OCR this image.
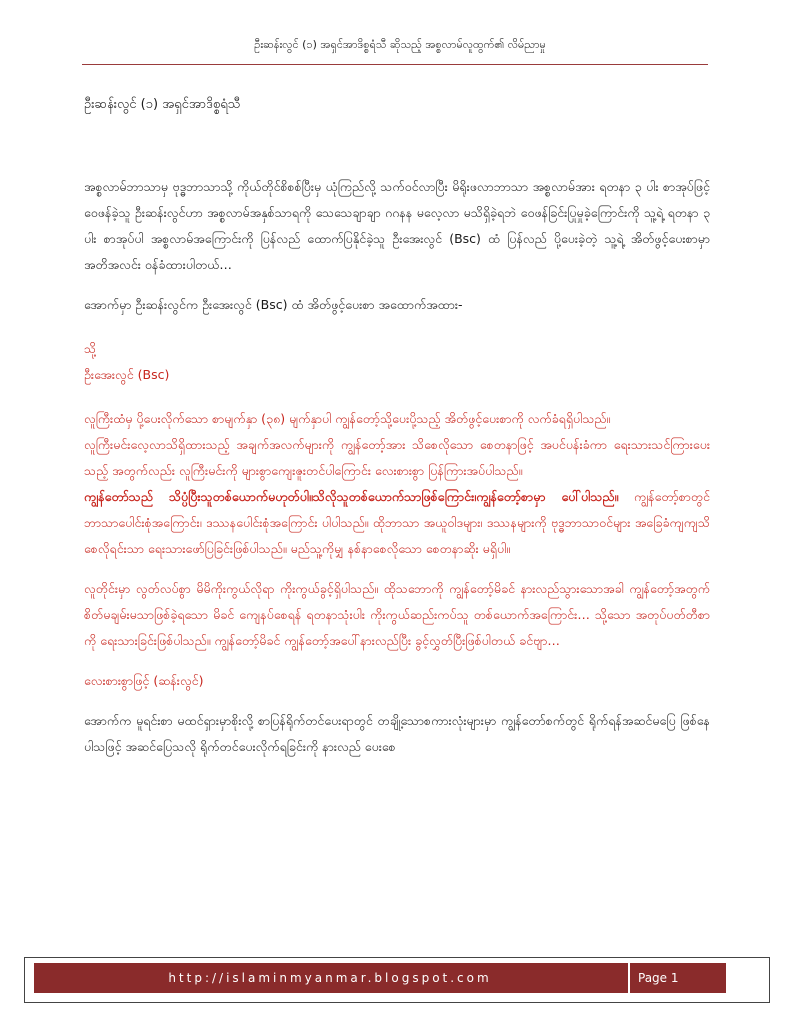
ဦးဆန်းလွင် (၁) အရှင်အာဒိစ္စရံသီ ဆိုသည့် အစ္စလာမ်လူထွက်၏ လိမ်ညာမှု

ဦးဆန်းလွင် (၁) အရှင်အာဒိစ္စရံသီ

အစ္စလာမ်ဘာသာမှ ဗုဒ္ဓဘာသာသို့ ကိုယ်တိုင်စိစစ်ပြီးမှ ယုံကြည်လို့ သက်ဝင်လာပြီး မိရိုးဖလာဘာသာ အစ္စလာမ်အား ရတနာ ၃ ပါး စာအုပ်ဖြင့် ဝေဖန်ခဲ့သူ ဦးဆန်းလွင်ဟာ အစ္စလာမ်အနှစ်သာရကို သေသေချာချာ ဂဂနန မလေ့လာ မသိရှိခဲ့ရဘဲ ဝေဖန်ခြင်းပြုမှုခဲ့ကြောင်းကို သူ့ရဲ့ ရတနာ ၃ ပါး စာအုပ်ပါ အစ္စလာမ်အကြောင်းကို ပြန်လည် ထောက်ပြနိုင်ခဲ့သူ ဦးအေးလွင် (Bsc) ထံ ပြန်လည် ပို့ပေးခဲ့တဲ့ သူ့ရဲ့ အိတ်ဖွင့်ပေးစာမှာ အတိအလင်း ဝန်ခံထားပါတယ်…

အောက်မှာ ဦးဆန်းလွင်က ဦးအေးလွင် (Bsc) ထံ အိတ်ဖွင့်ပေးစာ အထောက်အထား-

သို့

ဦးအေးလွင် (Bsc)

လူကြီးထံမှ ပို့ပေးလိုက်သော စာမျက်နှာ (၃၈) မျက်နှာပါ ကျွန်တော့်သို့ပေးပို့သည့် အိတ်ဖွင့်ပေးစာကို လက်ခံရရှိပါသည်။

လူကြီးမင်းလေ့လာသိရှိထားသည့် အချက်အလက်များကို ကျွန်တော့်အား သိစေလိုသော စေတနာဖြင့် အပင်ပန်းခံကာ ရေးသားသင်ကြားပေးသည့် အတွက်လည်း လူကြီးမင်းကို များစွာကျေးဇူးတင်ပါကြောင်း လေးစားစွာ ပြန်ကြားအပ်ပါသည်။

ကျွန်တော်သည် သိပ္ပံပြီးသူတစ်ယောက်မဟုတ်ပါ။သိလိုသူတစ်ယောက်သာဖြစ်ကြောင်း၊ကျွန်တော့်စာမှာ ပေါ်ပါသည်။ ကျွန်တော့်စာတွင် ဘာသာပေါင်းစုံအကြောင်း၊ ဒဿနပေါင်းစုံအကြောင်း ပါပါသည်။ ထိုဘာသာ အယူဝါဒများ၊ ဒဿနများကို ဗုဒ္ဓဘာသာဝင်များ အခြေခံကျကျသိစေလိုရင်းသာ ရေးသားဖော်ပြခြင်းဖြစ်ပါသည်။ မည်သူ့ကိုမျှ နစ်နာစေလိုသော စေတနာဆိုး မရှိပါ။

လူတိုင်းမှာ လွတ်လပ်စွာ မိမိကိုးကွယ်လိုရာ ကိုးကွယ်ခွင့်ရှိပါသည်။ ထိုသဘောကို ကျွန်တော့်မိခင် နားလည်သွားသောအခါ ကျွန်တော့်အတွက် စိတ်မချမ်းမသာဖြစ်ခဲ့ရသော မိခင် ကျေနပ်စေရန် ရတနာသုံးပါး ကိုးကွယ်ဆည်းကပ်သူ တစ်ယောက်အကြောင်း… သို့သော အတုပ်ပတ်တီစာကို ရေးသားခြင်းဖြစ်ပါသည်။ ကျွန်တော့်မိခင် ကျွန်တော့်အပေါ်နားလည်ပြီး ခွင့်လွှတ်ပြီးဖြစ်ပါတယ် ခင်ဗျာ…

လေးစားစွာဖြင့် (ဆန်းလွင်)

အောက်က မူရင်းစာ မထင်ရှားမှာစိုးလို့ စာပြန်ရိုက်တင်ပေးရာတွင် တချို့သောစကားလုံးများမှာ ကျွန်တော်စက်တွင် ရိုက်ရန်အဆင်မပြေ ဖြစ်နေပါသဖြင့် အဆင်ပြေသလို ရိုက်တင်ပေးလိုက်ရခြင်းကို နားလည် ပေးစေ

http://islaminmyanmar.blogspot.com	Page 1
